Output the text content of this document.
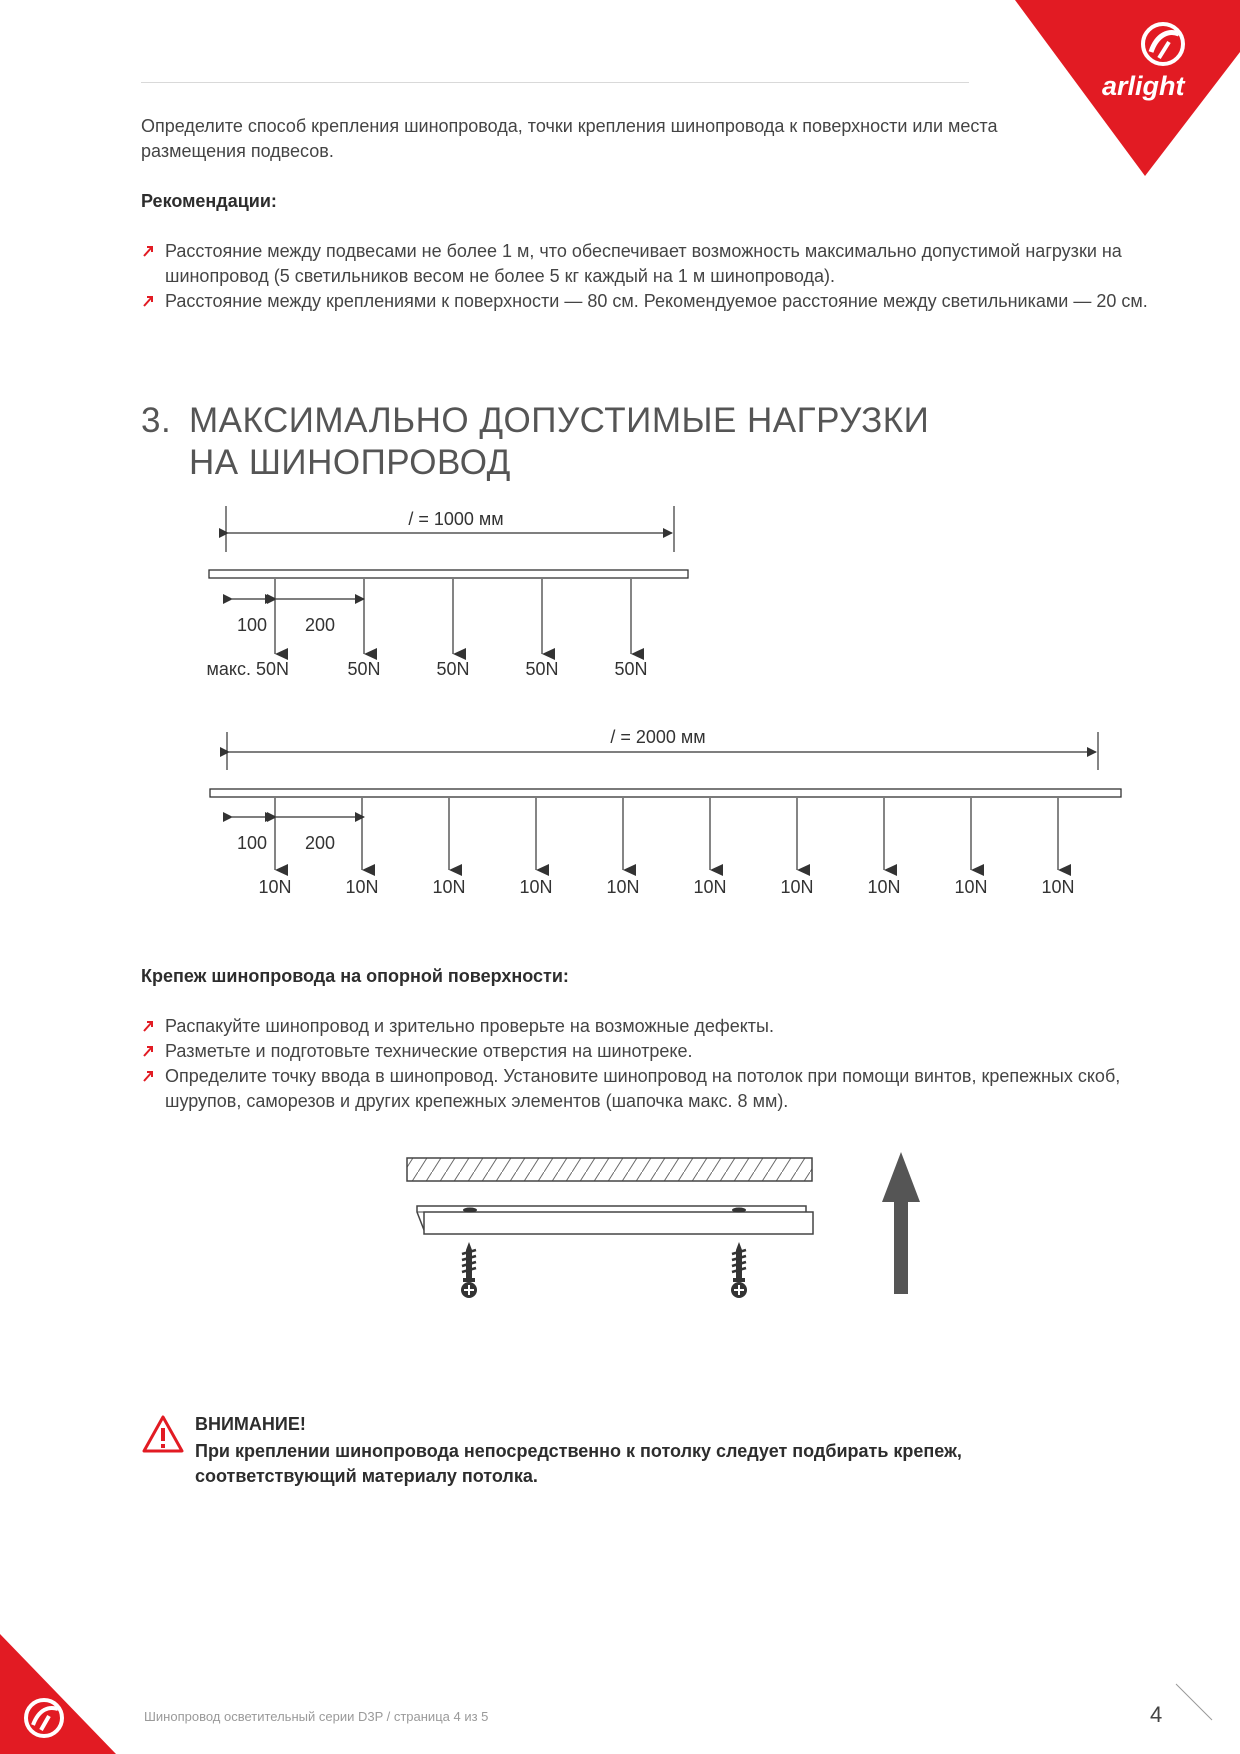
arlight
Определите способ крепления шинопровода, точки крепления шинопровода к поверхности или места размещения подвесов.
Рекомендации:
Расстояние между подвесами не более 1 м, что обеспечивает возможность максимально допустимой нагрузки на шинопровод (5 светильников весом не более 5 кг каждый на 1 м шинопровода).
Расстояние между креплениями к поверхности — 80 см. Рекомендуемое расстояние между светильниками — 20 см.
3. МАКСИМАЛЬНО ДОПУСТИМЫЕ НАГРУЗКИ
НА ШИНОПРОВОД
/ = 1000 мм
100 200
макс. 50N	50N	50N	50N	50N
/ = 2000 мм
100 200
10N	10N	10N	10N	10N	10N	10N	10N	10N	10N
Крепеж шинопровода на опорной поверхности:
Распакуйте шинопровод и зрительно проверьте на возможные дефекты.
Разметьте и подготовьте технические отверстия на шинотреке.
Определите точку ввода в шинопровод. Установите шинопровод на потолок при помощи винтов, крепежных скоб, шурупов, саморезов и других крепежных элементов (шапочка макс. 8 мм).
ВНИМАНИЕ!
При креплении шинопровода непосредственно к потолку следует подбирать крепеж, соответствующий материалу потолка.
Шинопровод осветительный серии D3P / страница 4 из 5	4
